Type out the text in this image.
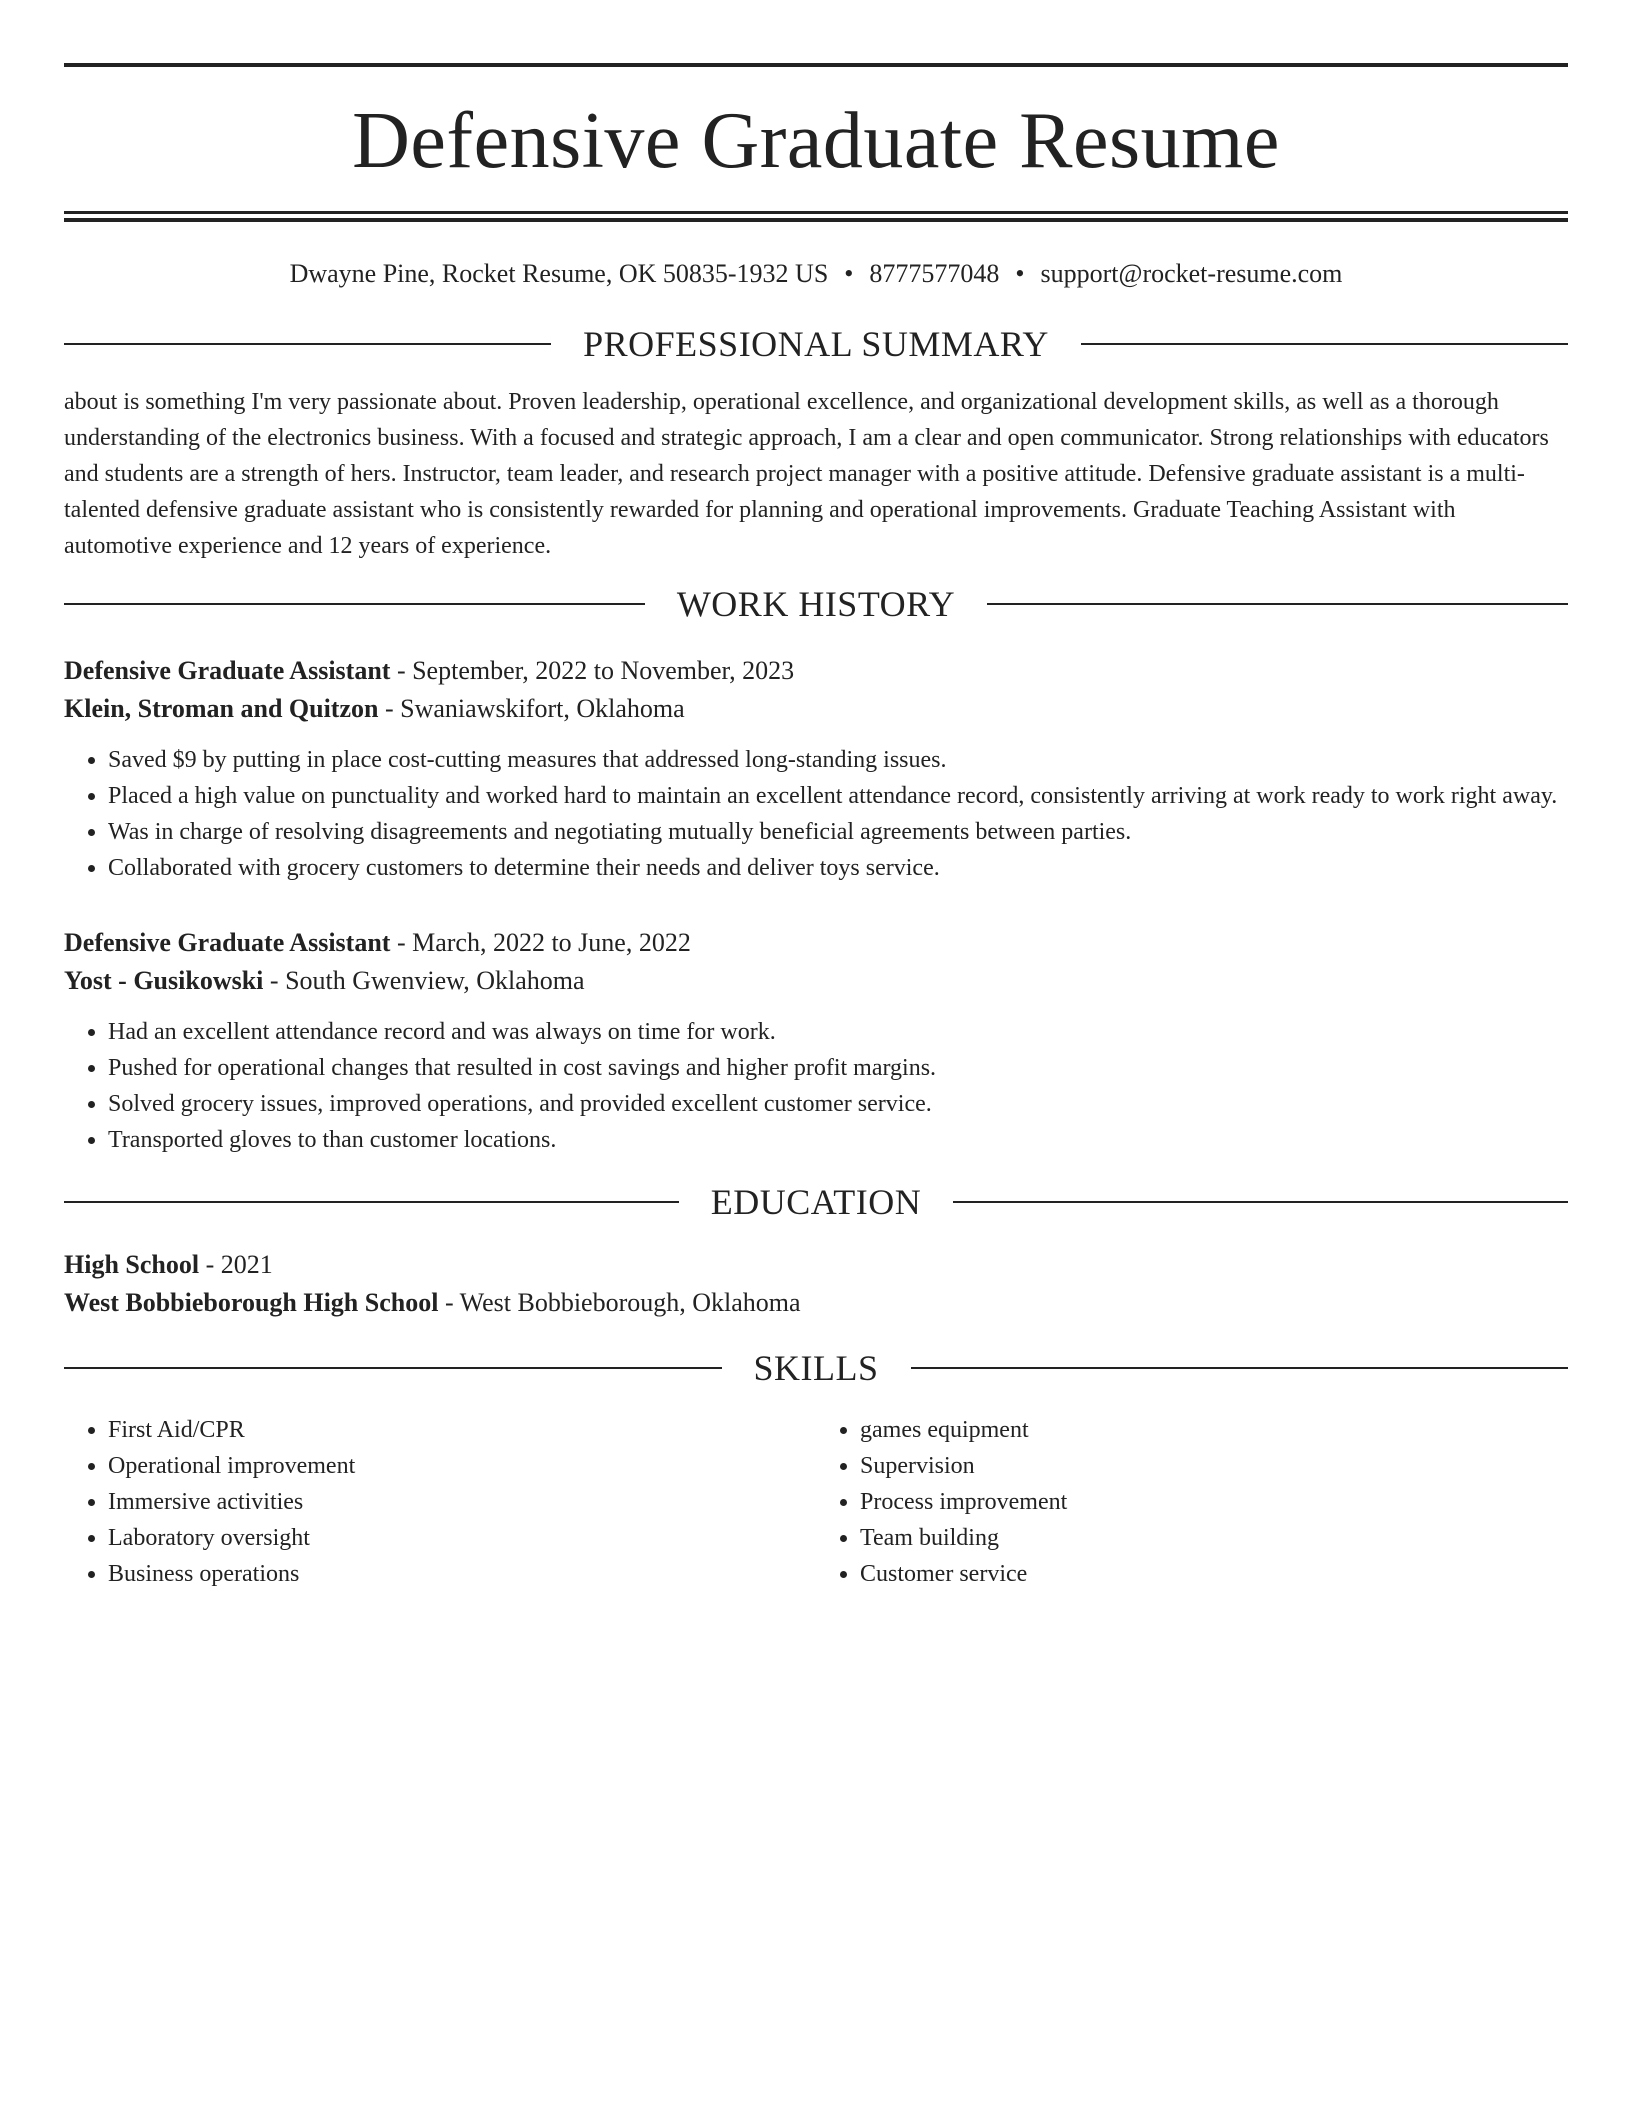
Defensive Graduate Resume
Dwayne Pine, Rocket Resume, OK 50835-1932 US • 8777577048 • support@rocket-resume.com
PROFESSIONAL SUMMARY
about is something I'm very passionate about. Proven leadership, operational excellence, and organizational development skills, as well as a thorough understanding of the electronics business. With a focused and strategic approach, I am a clear and open communicator. Strong relationships with educators and students are a strength of hers. Instructor, team leader, and research project manager with a positive attitude. Defensive graduate assistant is a multi-talented defensive graduate assistant who is consistently rewarded for planning and operational improvements. Graduate Teaching Assistant with automotive experience and 12 years of experience.
WORK HISTORY
Defensive Graduate Assistant - September, 2022 to November, 2023
Klein, Stroman and Quitzon - Swaniawskifort, Oklahoma
• Saved $9 by putting in place cost-cutting measures that addressed long-standing issues.
• Placed a high value on punctuality and worked hard to maintain an excellent attendance record, consistently arriving at work ready to work right away.
• Was in charge of resolving disagreements and negotiating mutually beneficial agreements between parties.
• Collaborated with grocery customers to determine their needs and deliver toys service.
Defensive Graduate Assistant - March, 2022 to June, 2022
Yost - Gusikowski - South Gwenview, Oklahoma
• Had an excellent attendance record and was always on time for work.
• Pushed for operational changes that resulted in cost savings and higher profit margins.
• Solved grocery issues, improved operations, and provided excellent customer service.
• Transported gloves to than customer locations.
EDUCATION
High School - 2021
West Bobbieborough High School - West Bobbieborough, Oklahoma
SKILLS
• First Aid/CPR
• Operational improvement
• Immersive activities
• Laboratory oversight
• Business operations
• games equipment
• Supervision
• Process improvement
• Team building
• Customer service
